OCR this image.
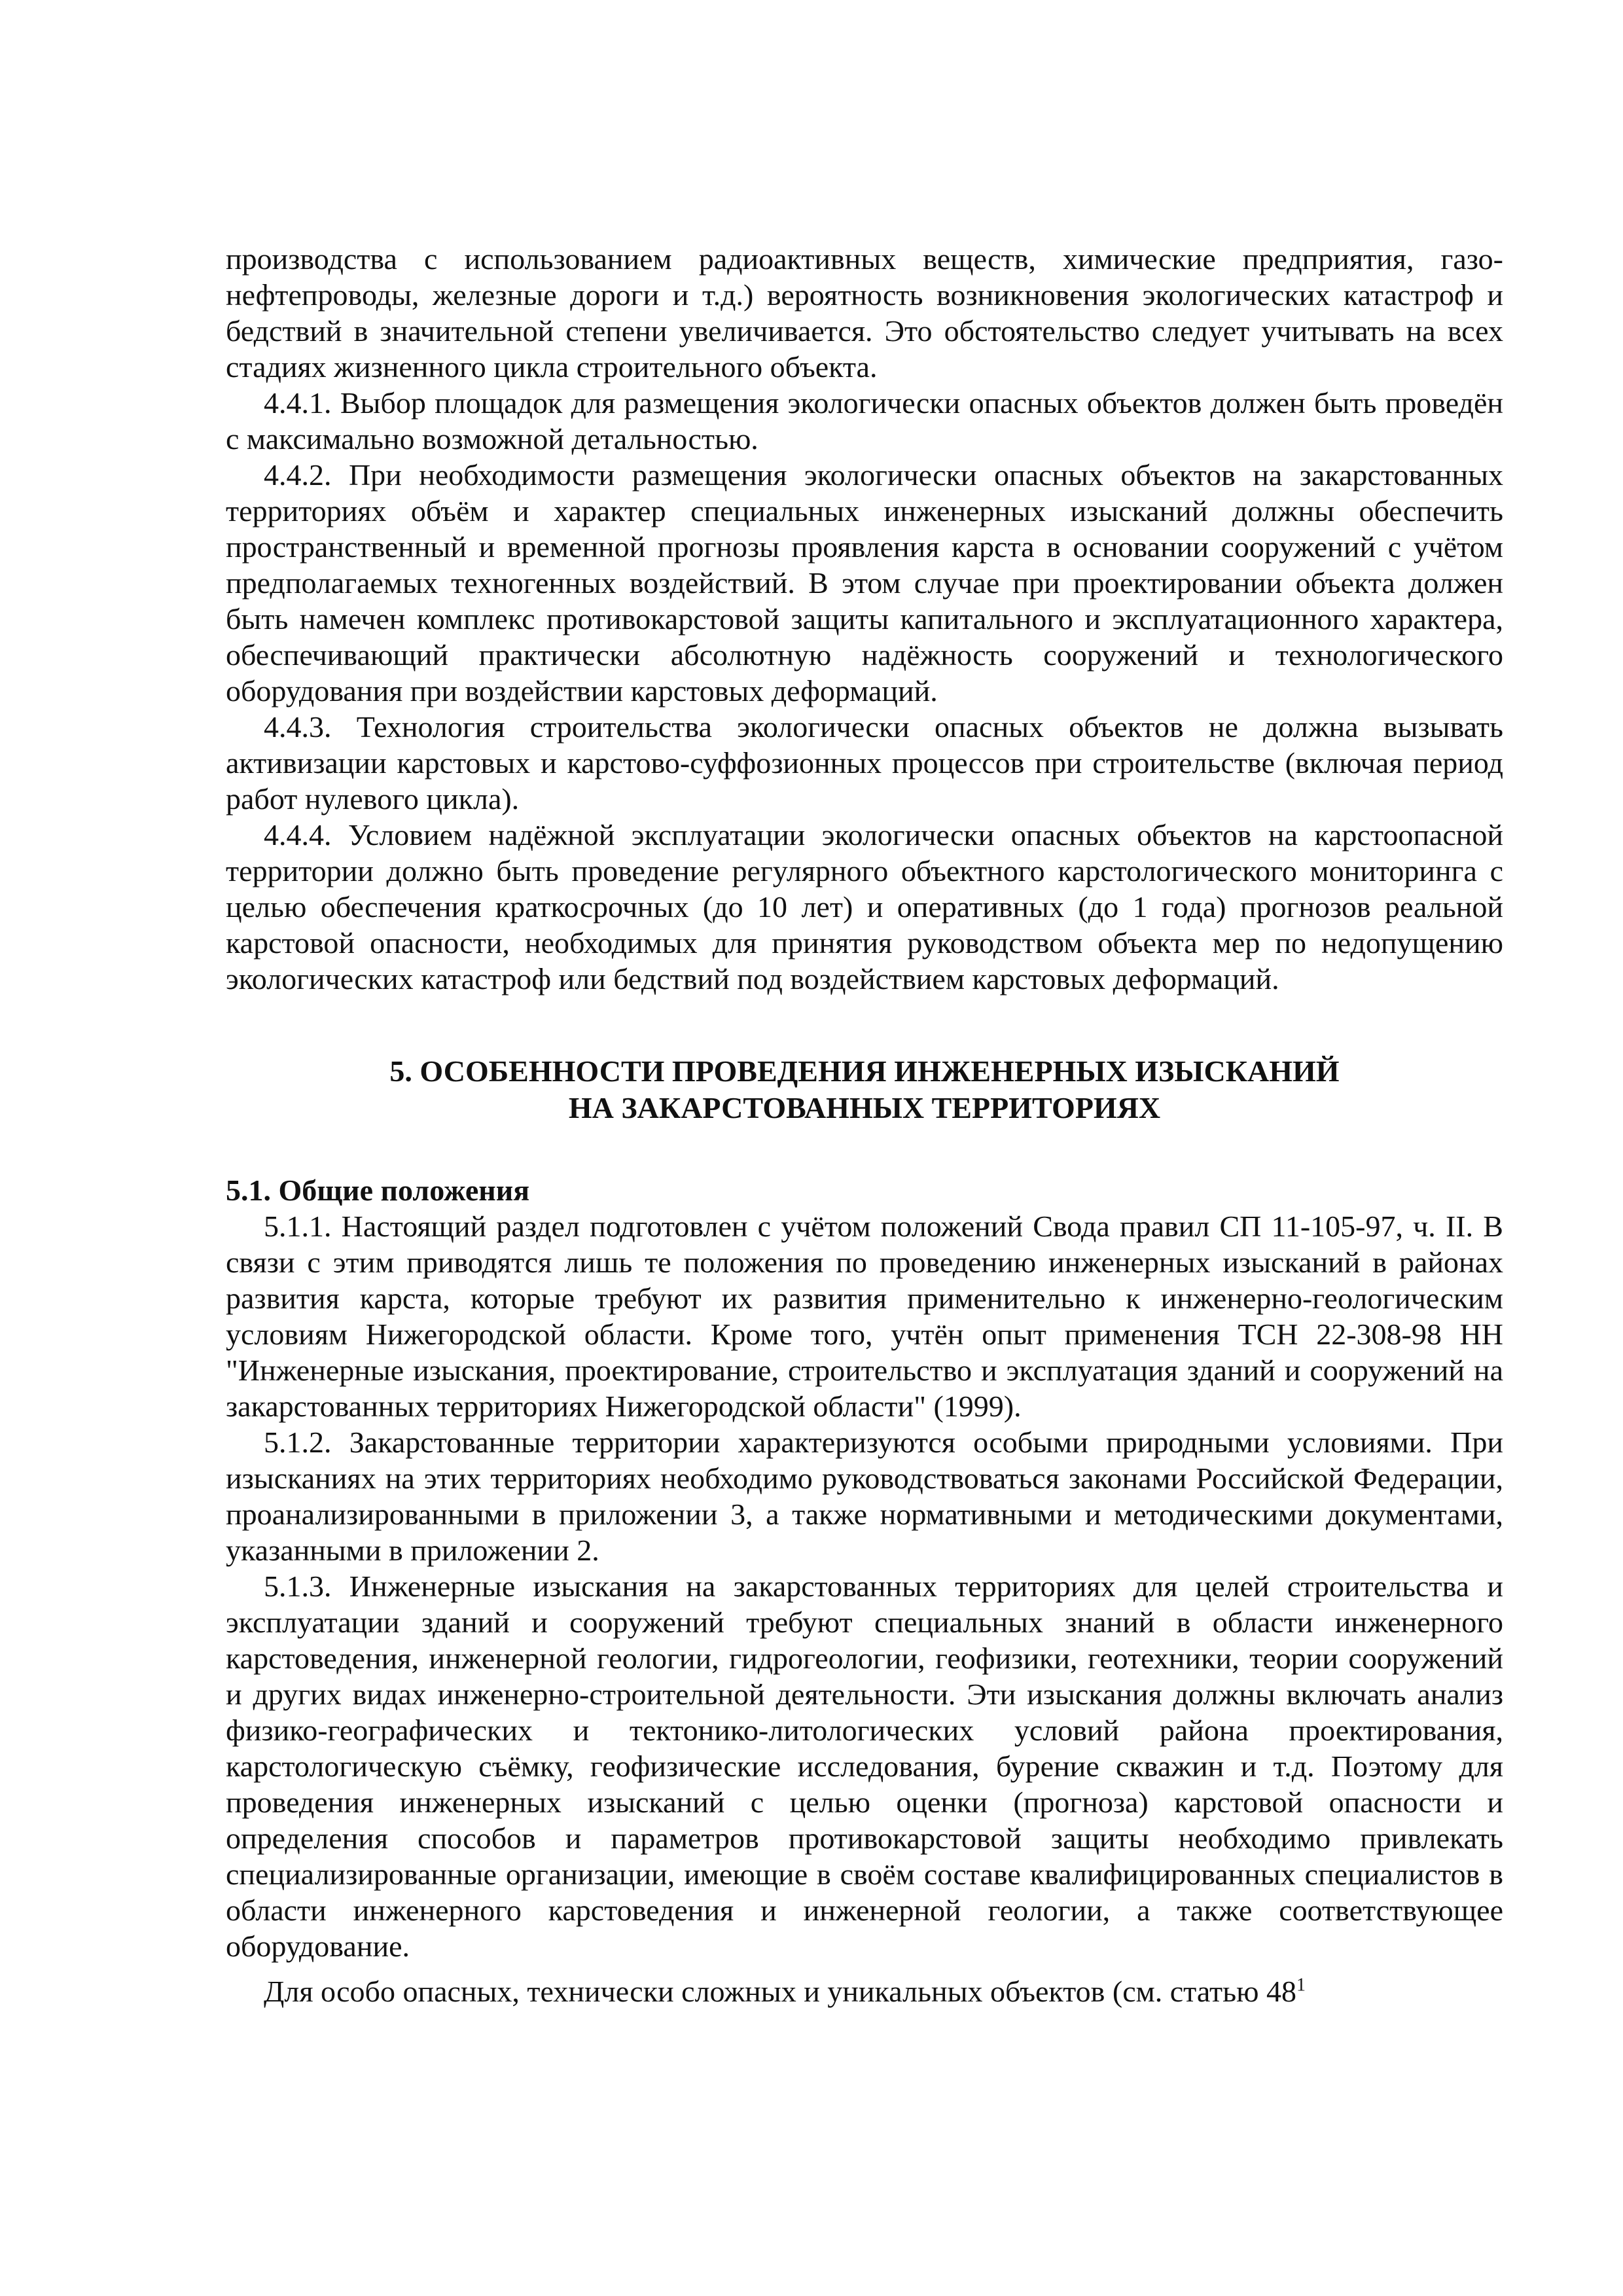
производства с использованием радиоактивных веществ, химические предприятия, газо-нефтепроводы, железные дороги и т.д.) вероятность возникновения экологических катастроф и бедствий в значительной степени увеличивается. Это обстоятельство следует учитывать на всех стадиях жизненного цикла строительного объекта.

4.4.1. Выбор площадок для размещения экологически опасных объектов должен быть проведён с максимально возможной детальностью.

4.4.2. При необходимости размещения экологически опасных объектов на закарстованных территориях объём и характер специальных инженерных изысканий должны обеспечить пространственный и временной прогнозы проявления карста в основании сооружений с учётом предполагаемых техногенных воздействий. В этом случае при проектировании объекта должен быть намечен комплекс противокарстовой защиты капитального и эксплуатационного характера, обеспечивающий практически абсолютную надёжность сооружений и технологического оборудования при воздействии карстовых деформаций.

4.4.3. Технология строительства экологически опасных объектов не должна вызывать активизации карстовых и карстово-суффозионных процессов при строительстве (включая период работ нулевого цикла).

4.4.4. Условием надёжной эксплуатации экологически опасных объектов на карстоопасной территории должно быть проведение регулярного объектного карстологического мониторинга с целью обеспечения краткосрочных (до 10 лет) и оперативных (до 1 года) прогнозов реальной карстовой опасности, необходимых для принятия руководством объекта мер по недопущению экологических катастроф или бедствий под воздействием карстовых деформаций.

5. ОСОБЕННОСТИ ПРОВЕДЕНИЯ ИНЖЕНЕРНЫХ ИЗЫСКАНИЙ
НА ЗАКАРСТОВАННЫХ ТЕРРИТОРИЯХ
5.1. Общие положения

5.1.1. Настоящий раздел подготовлен с учётом положений Свода правил СП 11-105-97, ч. II. В связи с этим приводятся лишь те положения по проведению инженерных изысканий в районах развития карста, которые требуют их развития применительно к инженерно-геологическим условиям Нижегородской области. Кроме того, учтён опыт применения ТСН 22-308-98 НН "Инженерные изыскания, проектирование, строительство и эксплуатация зданий и сооружений на закарстованных территориях Нижегородской области" (1999).

5.1.2. Закарстованные территории характеризуются особыми природными условиями. При изысканиях на этих территориях необходимо руководствоваться законами Российской Федерации, проанализированными в приложении 3, а также нормативными и методическими документами, указанными в приложении 2.

5.1.3. Инженерные изыскания на закарстованных территориях для целей строительства и эксплуатации зданий и сооружений требуют специальных знаний в области инженерного карстоведения, инженерной геологии, гидрогеологии, геофизики, геотехники, теории сооружений и других видах инженерно-строительной деятельности. Эти изыскания должны включать анализ физико-географических и тектонико-литологических условий района проектирования, карстологическую съёмку, геофизические исследования, бурение скважин и т.д. Поэтому для проведения инженерных изысканий с целью оценки (прогноза) карстовой опасности и определения способов и параметров противокарстовой защиты необходимо привлекать специализированные организации, имеющие в своём составе квалифицированных специалистов в области инженерного карстоведения и инженерной геологии, а также соответствующее оборудование.

Для особо опасных, технически сложных и уникальных объектов (см. статью $48^1$
